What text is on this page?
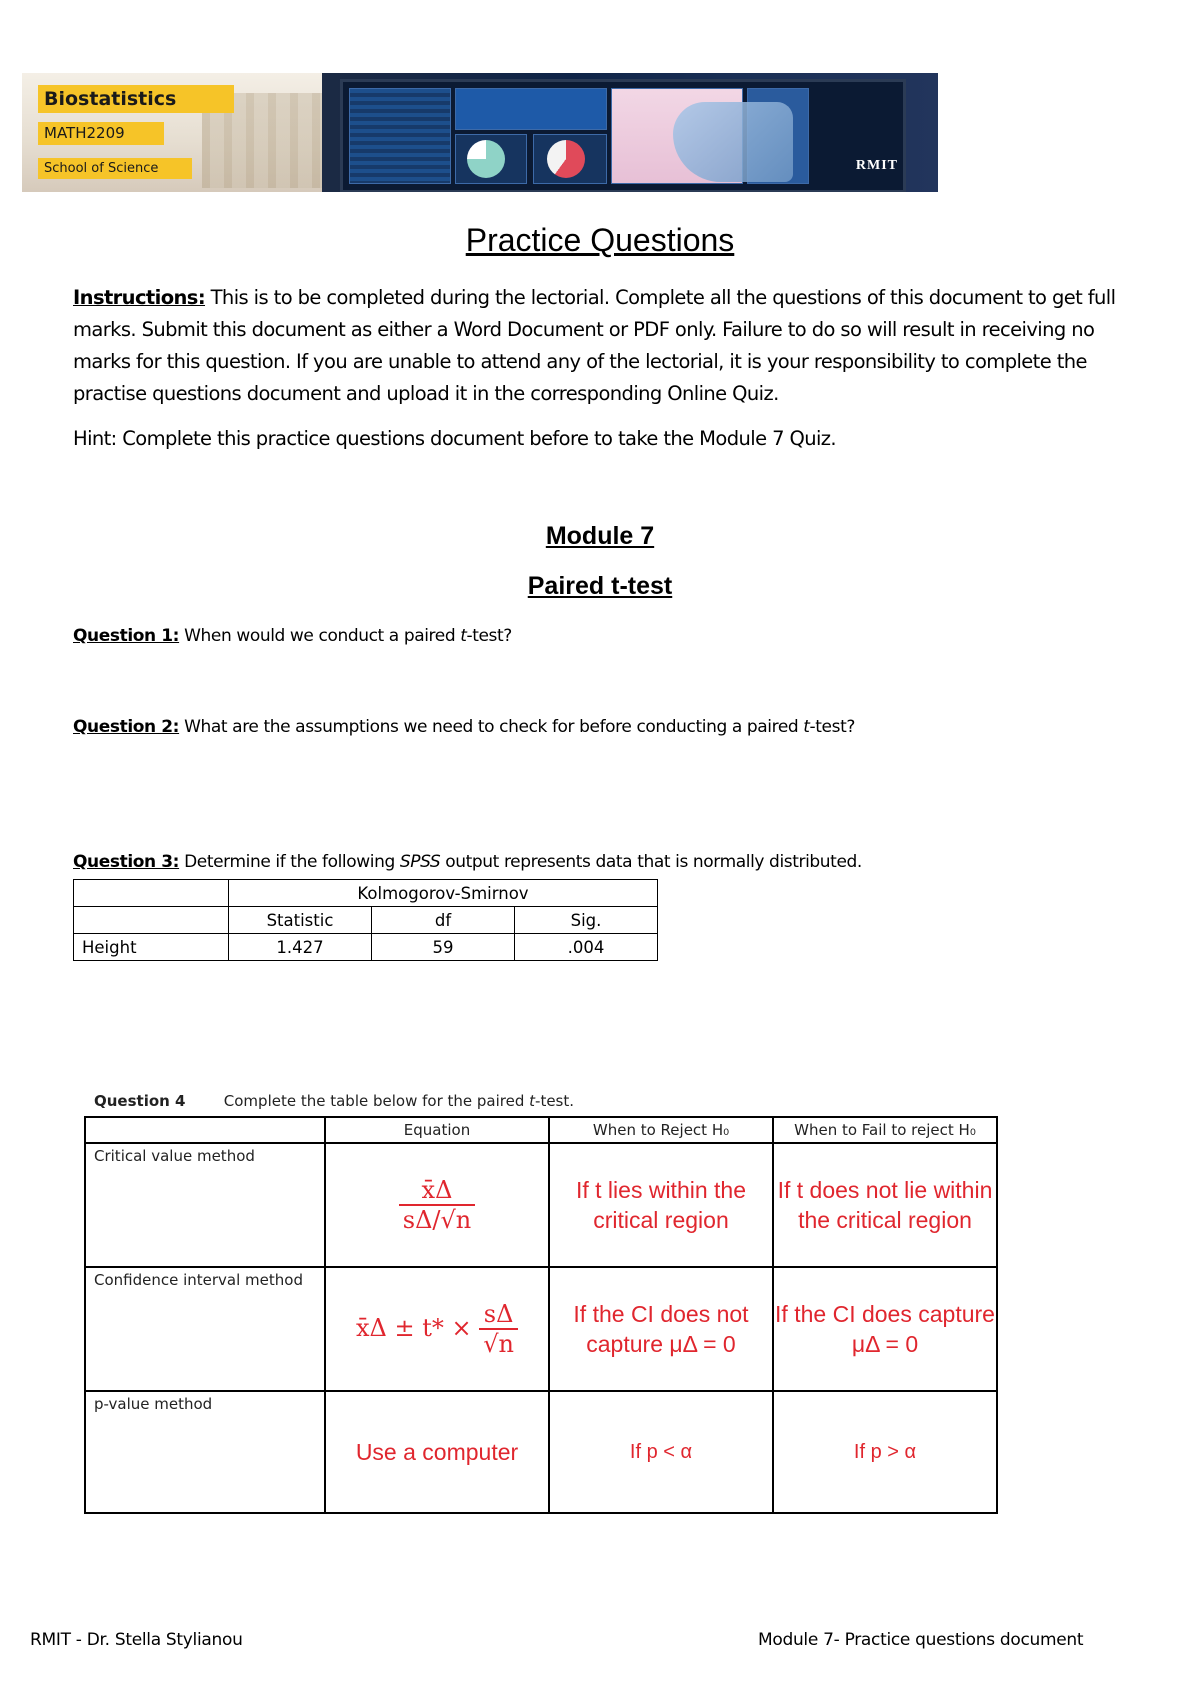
Biostatistics
MATH2209
School of Science	RMIT
Practice Questions
Instructions: This is to be completed during the lectorial. Complete all the questions of this document to get full marks. Submit this document as either a Word Document or PDF only. Failure to do so will result in receiving no marks for this question. If you are unable to attend any of the lectorial, it is your responsibility to complete the practise questions document and upload it in the corresponding Online Quiz.
Hint: Complete this practice questions document before to take the Module 7 Quiz.
Module 7
Paired t-test
Question 1: When would we conduct a paired t-test?
Question 2: What are the assumptions we need to check for before conducting a paired t-test?
Question 3: Determine if the following SPSS output represents data that is normally distributed.
	Kolmogorov-Smirnov		
	Statistic	df	Sig.
Height	1.427	59	.004
Question 4	Complete the table below for the paired t-test.
	Equation	When to Reject H₀	When to Fail to reject H₀
Critical value method	$\frac{x̄\Delta}{s\Delta/√n}$	If t lies within the critical region	If t does not lie within the critical region
Confidence interval method	x̄Δ ± $t* \times \frac{s\Delta}{√n}$	If the CI does not capture μΔ = 0	If the CI does capture μΔ = 0
p-value method	Use a computer	If p < α	If p > α
RMIT - Dr. Stella Stylianou	Module 7- Practice questions document
